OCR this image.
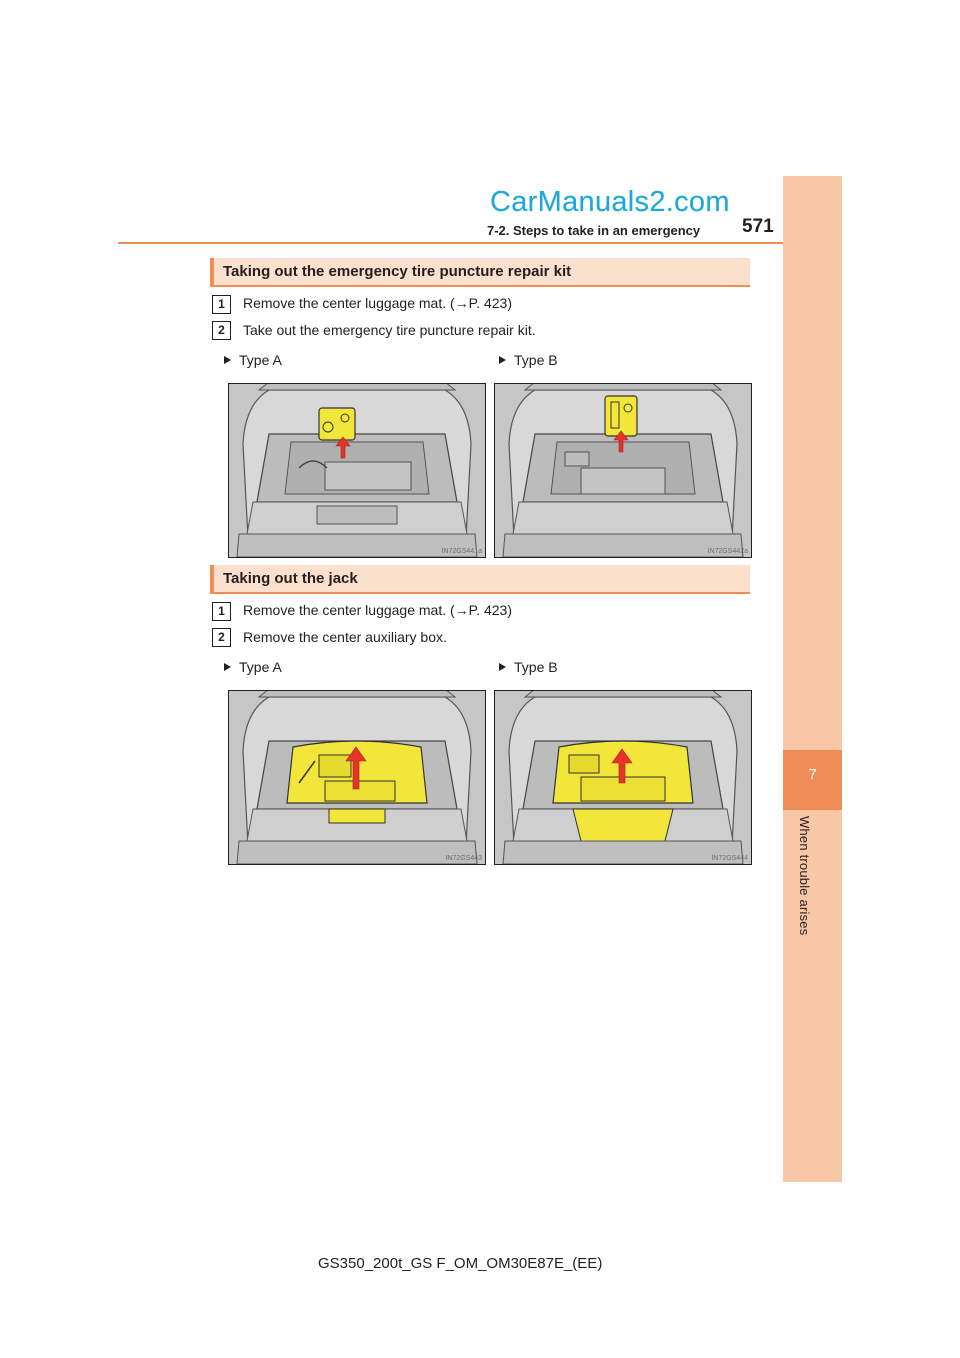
7
When trouble arises
CarManuals2.com
7-2. Steps to take in an emergency 571
Taking out the emergency tire puncture repair kit
1	Remove the center luggage mat. (→P. 423)
2	Take out the emergency tire puncture repair kit.
Type A	Type B
IN72GS441a	IN72GS442a
Taking out the jack
1	Remove the center luggage mat. (→P. 423)
2	Remove the center auxiliary box.
Type A	Type B
IN72GS443	IN72GS444
GS350_200t_GS F_OM_OM30E87E_(EE)
